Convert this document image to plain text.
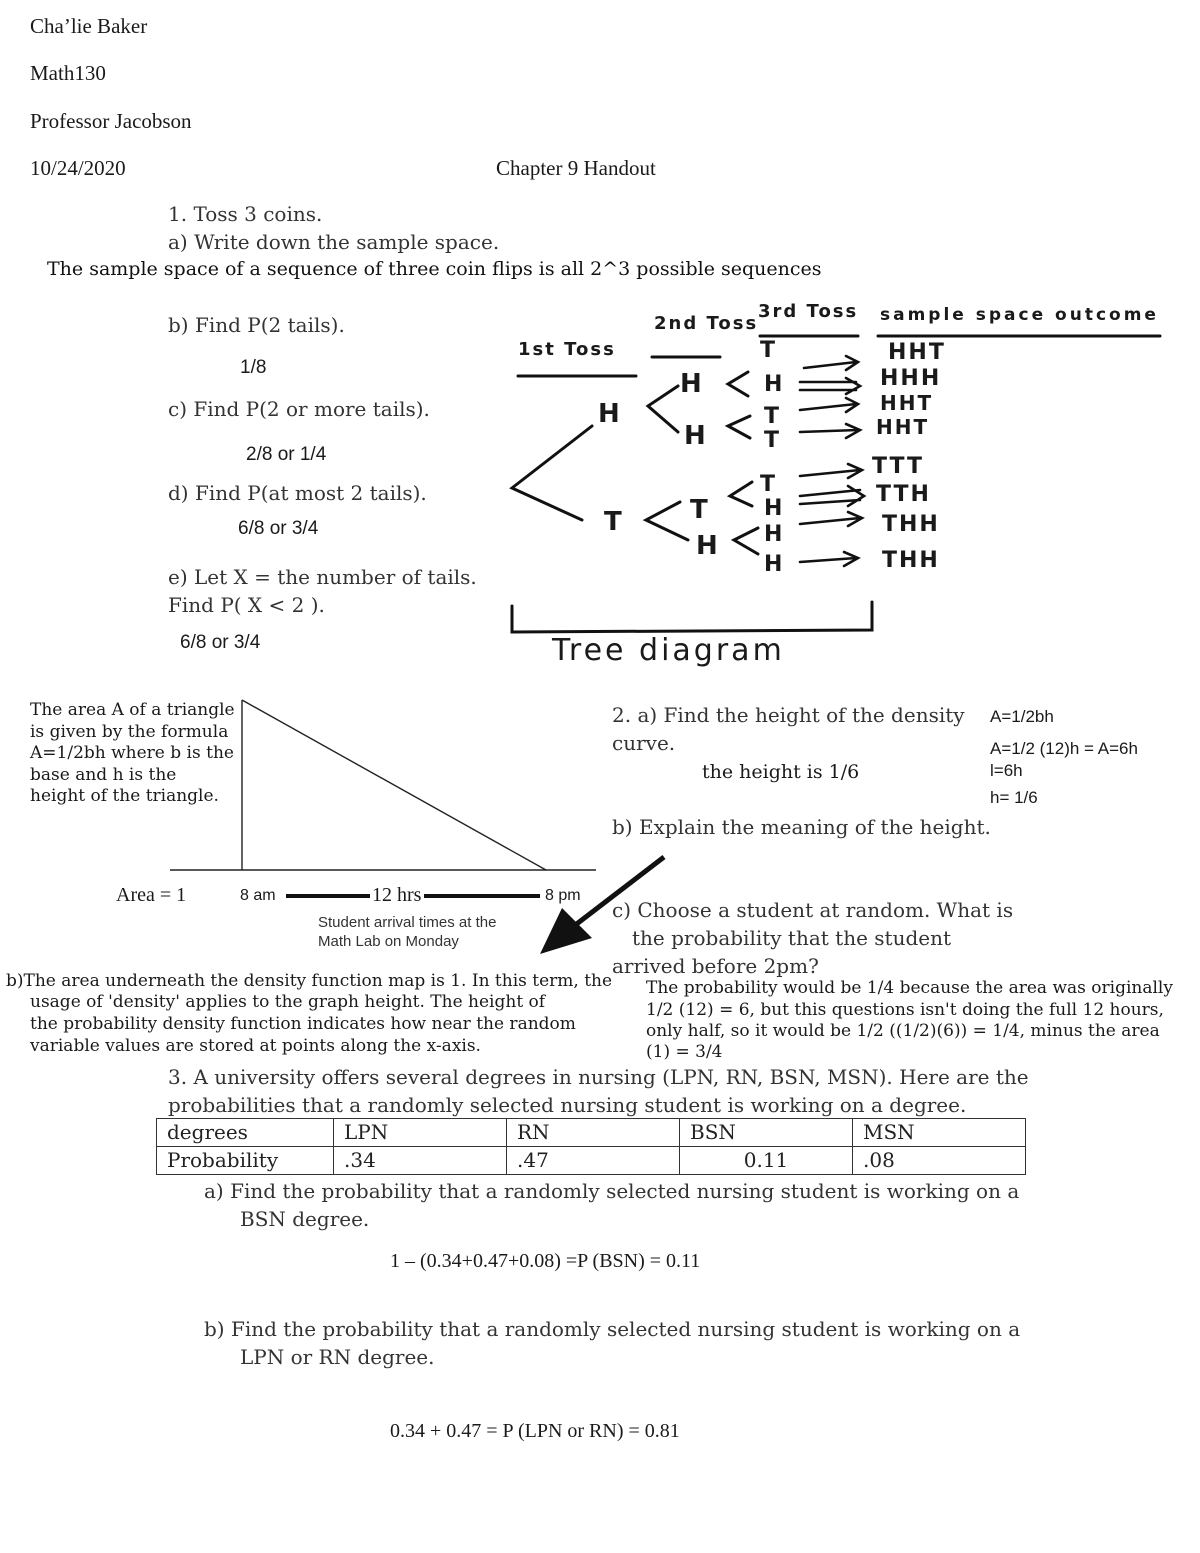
Cha’lie Baker
Math130
Professor Jacobson
10/24/2020	Chapter 9 Handout
1. Toss 3 coins.
a) Write down the sample space.
The sample space of a sequence of three coin flips is all 2^3 possible sequences
b) Find P(2 tails).
1/8
c) Find P(2 or more tails).
2/8 or 1/4
d) Find P(at most 2 tails).
6/8 or 3/4
e) Let X = the number of tails.
Find P( X < 2 ).
6/8 or 3/4
1st Toss
2nd Toss
3rd Toss sample space outcome
H
T
H
H
T
H
T
H
T
T
T
H
H
H
HHT
HHH
HHT
HHT
TTT
TTH
THH
THH
Tree diagram
The area A of a triangle is given by the formula A=1/2bh where b is the base and h is the height of the triangle.
Area = 1	8 am	12 hrs	8 pm
Student arrival times at the
Math Lab on Monday
2. a) Find the height of the density
curve.
the height is 1/6
A=1/2bh
A=1/2 (12)h = A=6h
l=6h
h= 1/6
b) Explain the meaning of the height.
b)The area underneath the density function map is 1. In this term, the
usage of 'density' applies to the graph height. The height of
the probability density function indicates how near the random
variable values are stored at points along the x-axis.
c) Choose a student at random. What is
the probability that the student
arrived before 2pm?
The probability would be 1/4 because the area was originally
1/2 (12) = 6, but this questions isn't doing the full 12 hours,
only half, so it would be 1/2 ((1/2)(6)) = 1/4, minus the area
(1) = 3/4
3. A university offers several degrees in nursing (LPN, RN, BSN, MSN). Here are the
probabilities that a randomly selected nursing student is working on a degree.
degrees	LPN	RN	BSN	MSN
Probability	.34	.47	0.11	.08
a) Find the probability that a randomly selected nursing student is working on a
BSN degree.
1 – (0.34+0.47+0.08) =P (BSN) = 0.11
b) Find the probability that a randomly selected nursing student is working on a
LPN or RN degree.
0.34 + 0.47 = P (LPN or RN) = 0.81
